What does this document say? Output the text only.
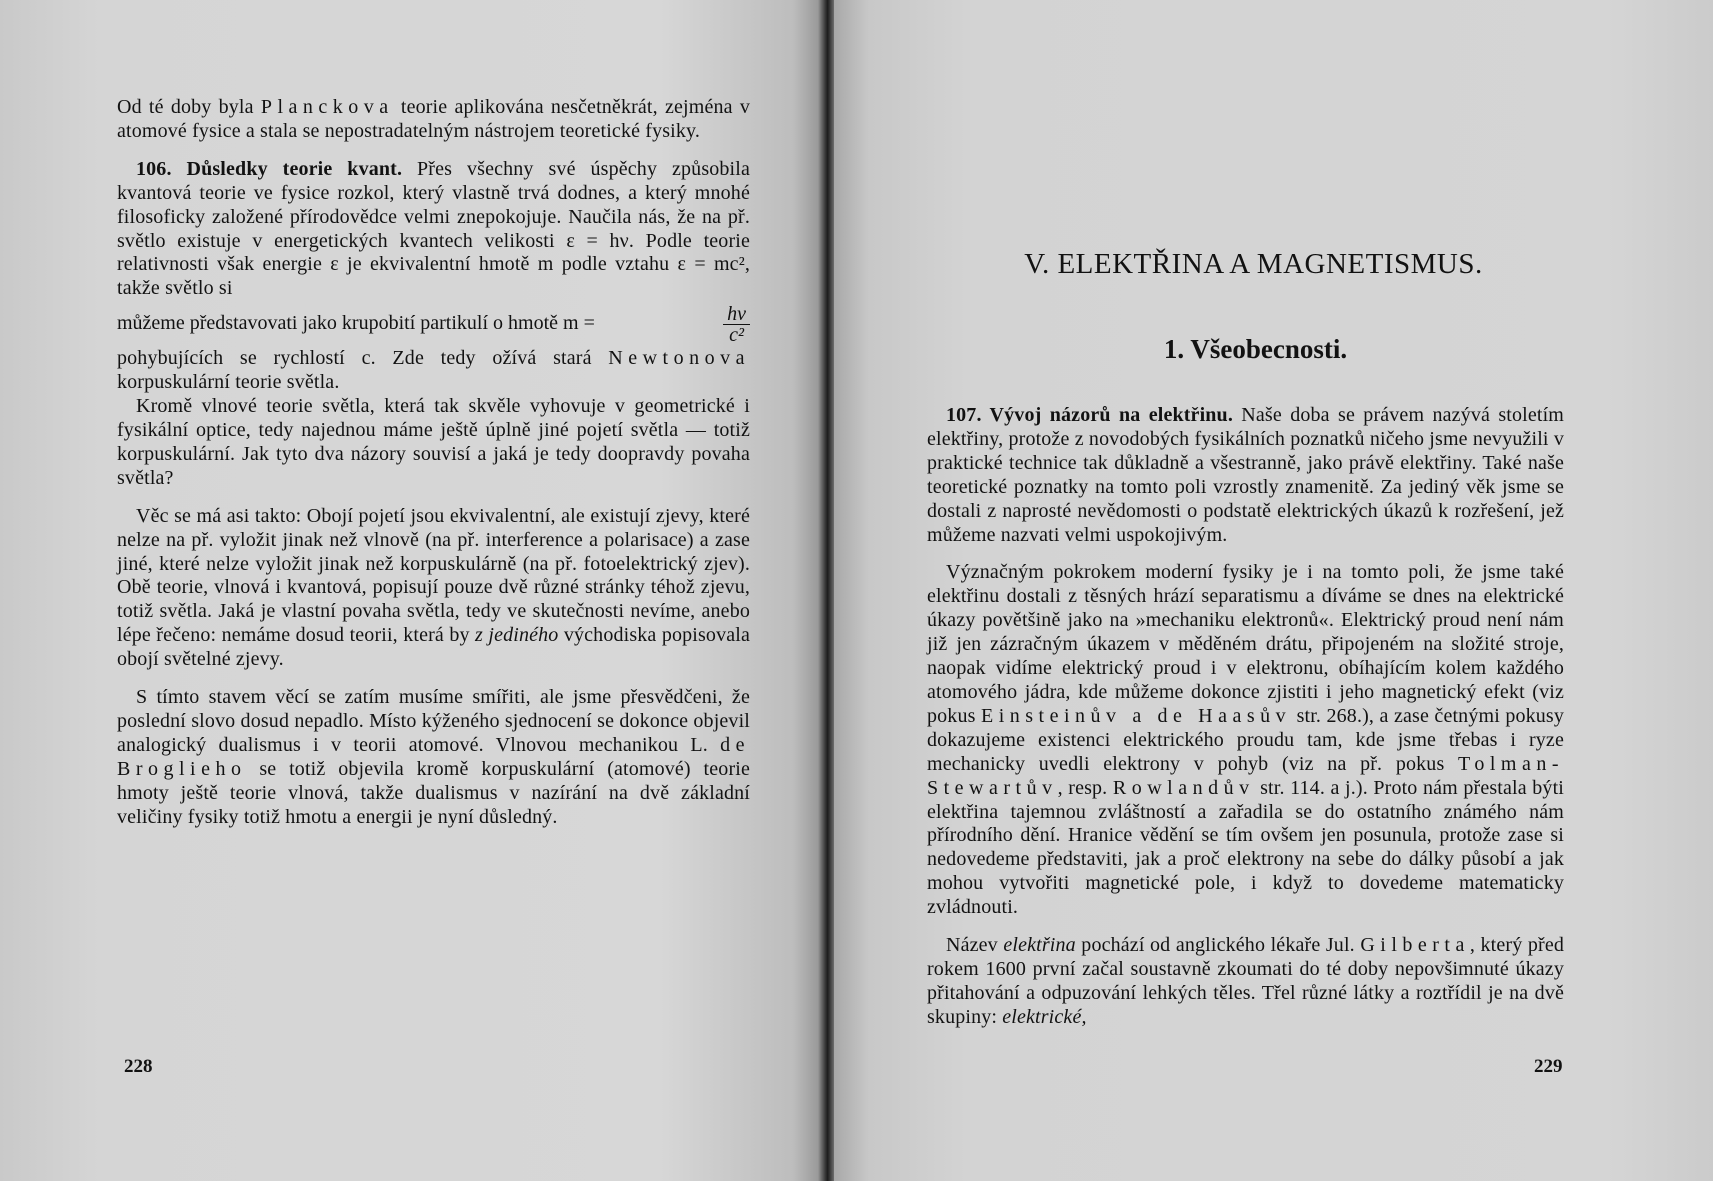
Od té doby byla Planckova teorie aplikována nesčetněkrát, zejména v atomové fysice a stala se nepostradatelným nástrojem teoretické fysiky.

106. Důsledky teorie kvant. Přes všechny své úspěchy způsobila kvantová teorie ve fysice rozkol, který vlastně trvá dodnes, a který mnohé filosoficky založené přírodovědce velmi znepokojuje. Naučila nás, že na př. světlo existuje v energetických kvantech velikosti ε = hν. Podle teorie relativnosti však energie ε je ekvivalentní hmotě m podle vztahu ε = mc², takže světlo si

můžeme představovati jako krupobití partikulí o hmotě m =	$\frac{h\nu}{\text{c²}}$

pohybujících se rychlostí c. Zde tedy ožívá stará Newtonova korpuskulární teorie světla.

Kromě vlnové teorie světla, která tak skvěle vyhovuje v geometrické i fysikální optice, tedy najednou máme ještě úplně jiné pojetí světla — totiž korpuskulární. Jak tyto dva názory souvisí a jaká je tedy doopravdy povaha světla?

Věc se má asi takto: Obojí pojetí jsou ekvivalentní, ale existují zjevy, které nelze na př. vyložit jinak než vlnově (na př. interference a polarisace) a zase jiné, které nelze vyložit jinak než korpuskulárně (na př. fotoelektrický zjev). Obě teorie, vlnová i kvantová, popisují pouze dvě různé stránky téhož zjevu, totiž světla. Jaká je vlastní povaha světla, tedy ve skutečnosti nevíme, anebo lépe řečeno: nemáme dosud teorii, která by z jediného východiska popisovala obojí světelné zjevy.

S tímto stavem věcí se zatím musíme smířiti, ale jsme přesvědčeni, že poslední slovo dosud nepadlo. Místo kýženého sjednocení se dokonce objevil analogický dualismus i v teorii atomové. Vlnovou mechanikou L. de Broglieho se totiž objevila kromě korpuskulární (atomové) teorie hmoty ještě teorie vlnová, takže dualismus v nazírání na dvě základní veličiny fysiky totiž hmotu a energii je nyní důsledný.

228
V. ELEKTŘINA A MAGNETISMUS.
1. Všeobecnosti.

107. Vývoj názorů na elektřinu. Naše doba se právem nazývá stoletím elektřiny, protože z novodobých fysikálních poznatků ničeho jsme nevyužili v praktické technice tak důkladně a všestranně, jako právě elektřiny. Také naše teoretické poznatky na tomto poli vzrostly znamenitě. Za jediný věk jsme se dostali z naprosté nevědomosti o podstatě elektrických úkazů k rozřešení, jež můžeme nazvati velmi uspokojivým.

Význačným pokrokem moderní fysiky je i na tomto poli, že jsme také elektřinu dostali z těsných hrází separatismu a díváme se dnes na elektrické úkazy povětšině jako na »mechaniku elektronů«. Elektrický proud není nám již jen zázračným úkazem v měděném drátu, připojeném na složité stroje, naopak vidíme elektrický proud i v elektronu, obíhajícím kolem každého atomového jádra, kde můžeme dokonce zjistiti i jeho magnetický efekt (viz pokus Einsteinův a de Haasův str. 268.), a zase četnými pokusy dokazujeme existenci elektrického proudu tam, kde jsme třebas i ryze mechanicky uvedli elektrony v pohyb (viz na př. pokus Tolman-Stewartův, resp. Rowlandův str. 114. a j.). Proto nám přestala býti elektřina tajemnou zvláštností a zařadila se do ostatního známého nám přírodního dění. Hranice vědění se tím ovšem jen posunula, protože zase si nedovedeme představiti, jak a proč elektrony na sebe do dálky působí a jak mohou vytvořiti magnetické pole, i když to dovedeme matematicky zvládnouti.

Název elektřina pochází od anglického lékaře Jul. Gilberta, který před rokem 1600 první začal soustavně zkoumati do té doby nepovšimnuté úkazy přitahování a odpuzování lehkých těles. Třel různé látky a roztřídil je na dvě skupiny: elektrické,

229
